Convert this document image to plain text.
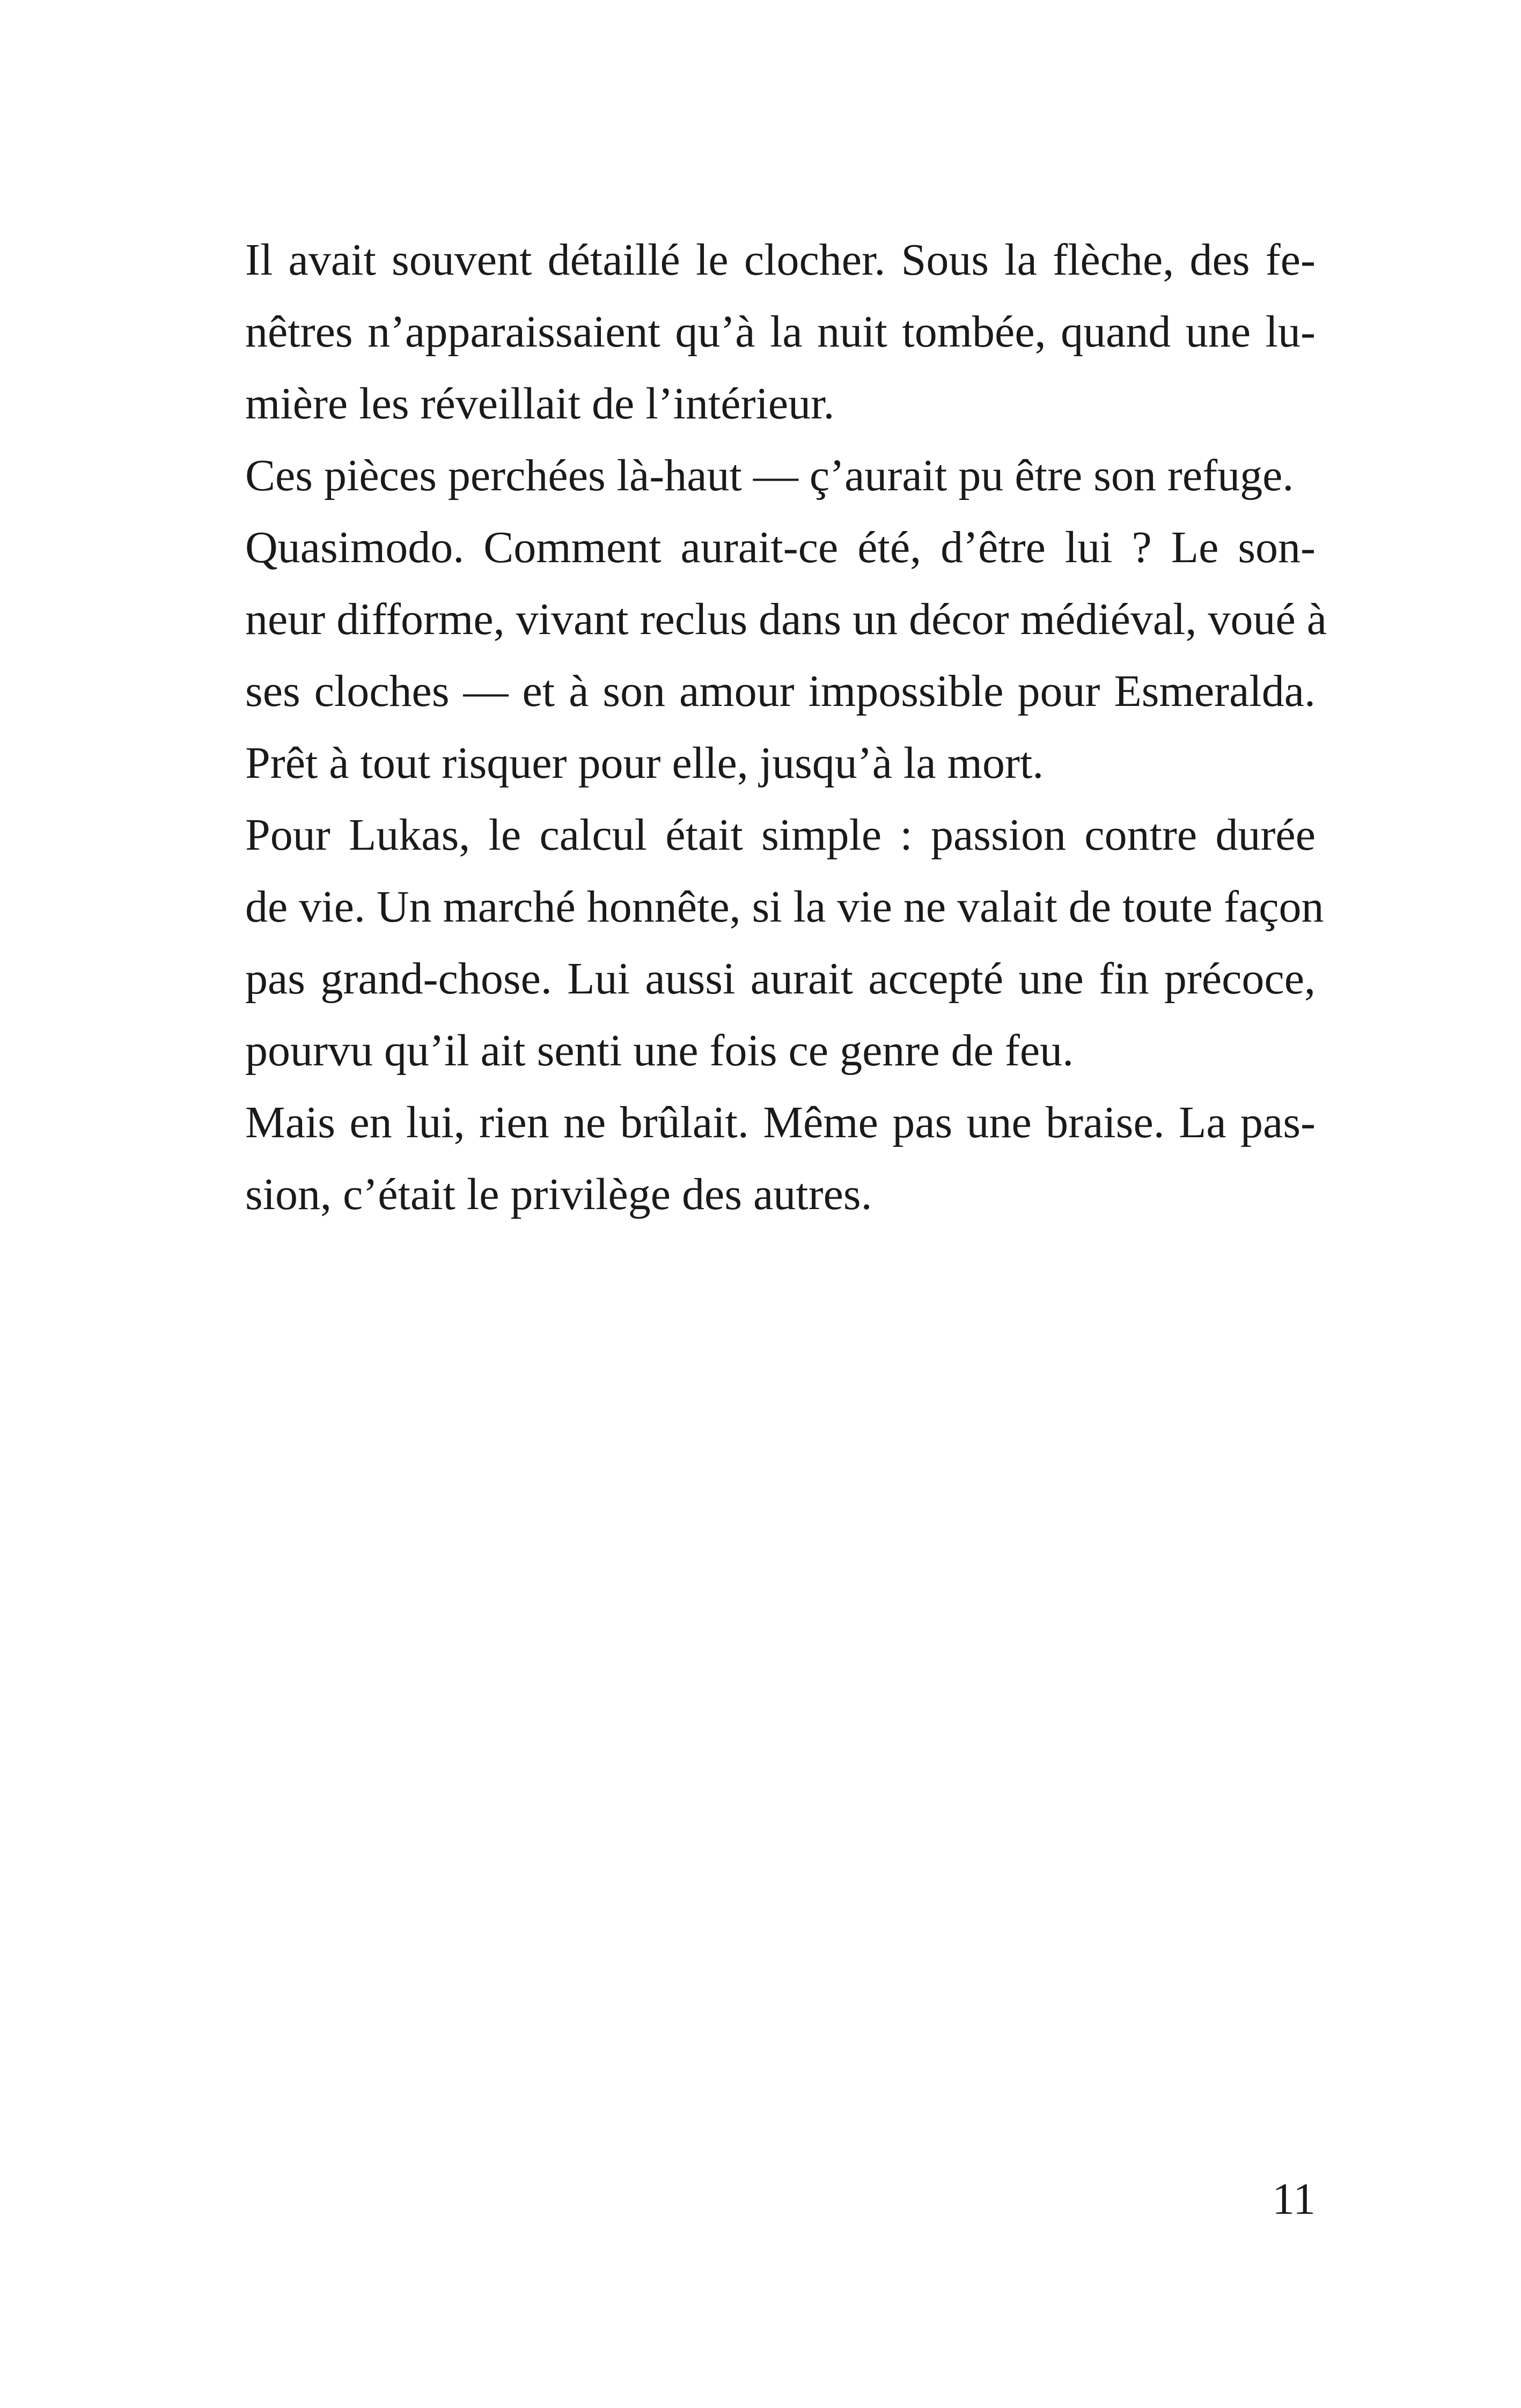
Il avait souvent détaillé le clocher. Sous la flèche, des fe-
nêtres n’apparaissaient qu’à la nuit tombée, quand une lu-
mière les réveillait de l’intérieur.
Ces pièces perchées là-haut — ç’aurait pu être son refuge.
Quasimodo. Comment aurait-ce été, d’être lui ? Le son-
neur difforme, vivant reclus dans un décor médiéval, voué à
ses cloches — et à son amour impossible pour Esmeralda.
Prêt à tout risquer pour elle, jusqu’à la mort.
Pour Lukas, le calcul était simple : passion contre durée
de vie. Un marché honnête, si la vie ne valait de toute façon
pas grand-chose. Lui aussi aurait accepté une fin précoce,
pourvu qu’il ait senti une fois ce genre de feu.
Mais en lui, rien ne brûlait. Même pas une braise. La pas-
sion, c’était le privilège des autres.
11
